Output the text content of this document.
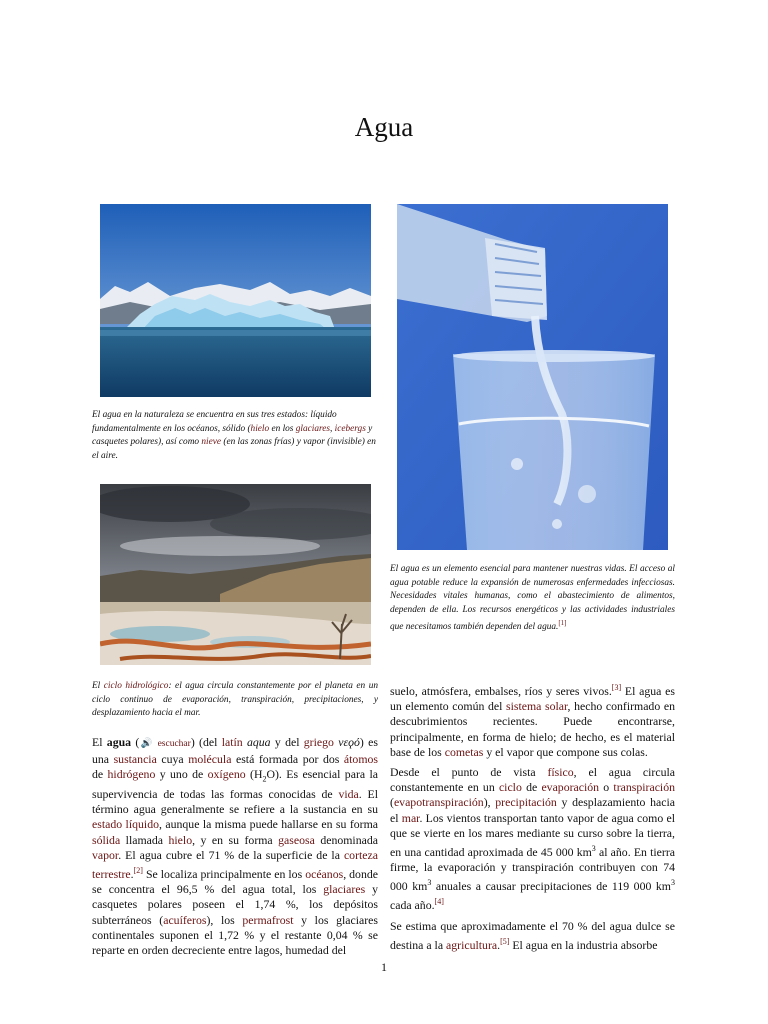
Agua
El agua en la naturaleza se encuentra en sus tres estados: líquido fundamentalmente en los océanos, sólido (hielo en los glaciares, icebergs y casquetes polares), así como nieve (en las zonas frías) y vapor (invisible) en el aire.
El agua es un elemento esencial para mantener nuestras vidas. El acceso al agua potable reduce la expansión de numerosas enfermedades infecciosas. Necesidades vitales humanas, como el abastecimiento de alimentos, dependen de ella. Los recursos energéticos y las actividades industriales que necesitamos también dependen del agua.[1]
El ciclo hidrológico: el agua circula constantemente por el planeta en un ciclo continuo de evaporación, transpiración, precipitaciones, y desplazamiento hacia el mar.

El agua (🔊 escuchar) (del latín aqua y del griego νεϙό) es una sustancia cuya molécula está formada por dos átomos de hidrógeno y uno de oxígeno $(H_2O)$. Es esencial para la supervivencia de todas las formas conocidas de vida. El término agua generalmente se refiere a la sustancia en su estado líquido, aunque la misma puede hallarse en su forma sólida llamada hielo, y en su forma gaseosa denominada vapor. El agua cubre el 71 % de la superficie de la corteza terrestre.[2] Se localiza principalmente en los océanos, donde se concentra el 96,5 % del agua total, los glaciares y casquetes polares poseen el 1,74 %, los depósitos subterráneos (acuíferos), los permafrost y los glaciares continentales suponen el 1,72 % y el restante 0,04 % se reparte en orden decreciente entre lagos, humedad del

suelo, atmósfera, embalses, ríos y seres vivos.[3] El agua es un elemento común del sistema solar, hecho confirmado en descubrimientos recientes. Puede encontrarse, principalmente, en forma de hielo; de hecho, es el material base de los cometas y el vapor que compone sus colas.

Desde el punto de vista físico, el agua circula constantemente en un ciclo de evaporación o transpiración (evapotranspiración), precipitación y desplazamiento hacia el mar. Los vientos transportan tanto vapor de agua como el que se vierte en los mares mediante su curso sobre la tierra, en una cantidad aproximada de 45 000 $km^3$ al año. En tierra firme, la evaporación y transpiración contribuyen con 74 000 $km^3$ anuales a causar precipitaciones de 119 000 $km^3$ cada año.[4]

Se estima que aproximadamente el 70 % del agua dulce se destina a la agricultura.[5] El agua en la industria absorbe

1
